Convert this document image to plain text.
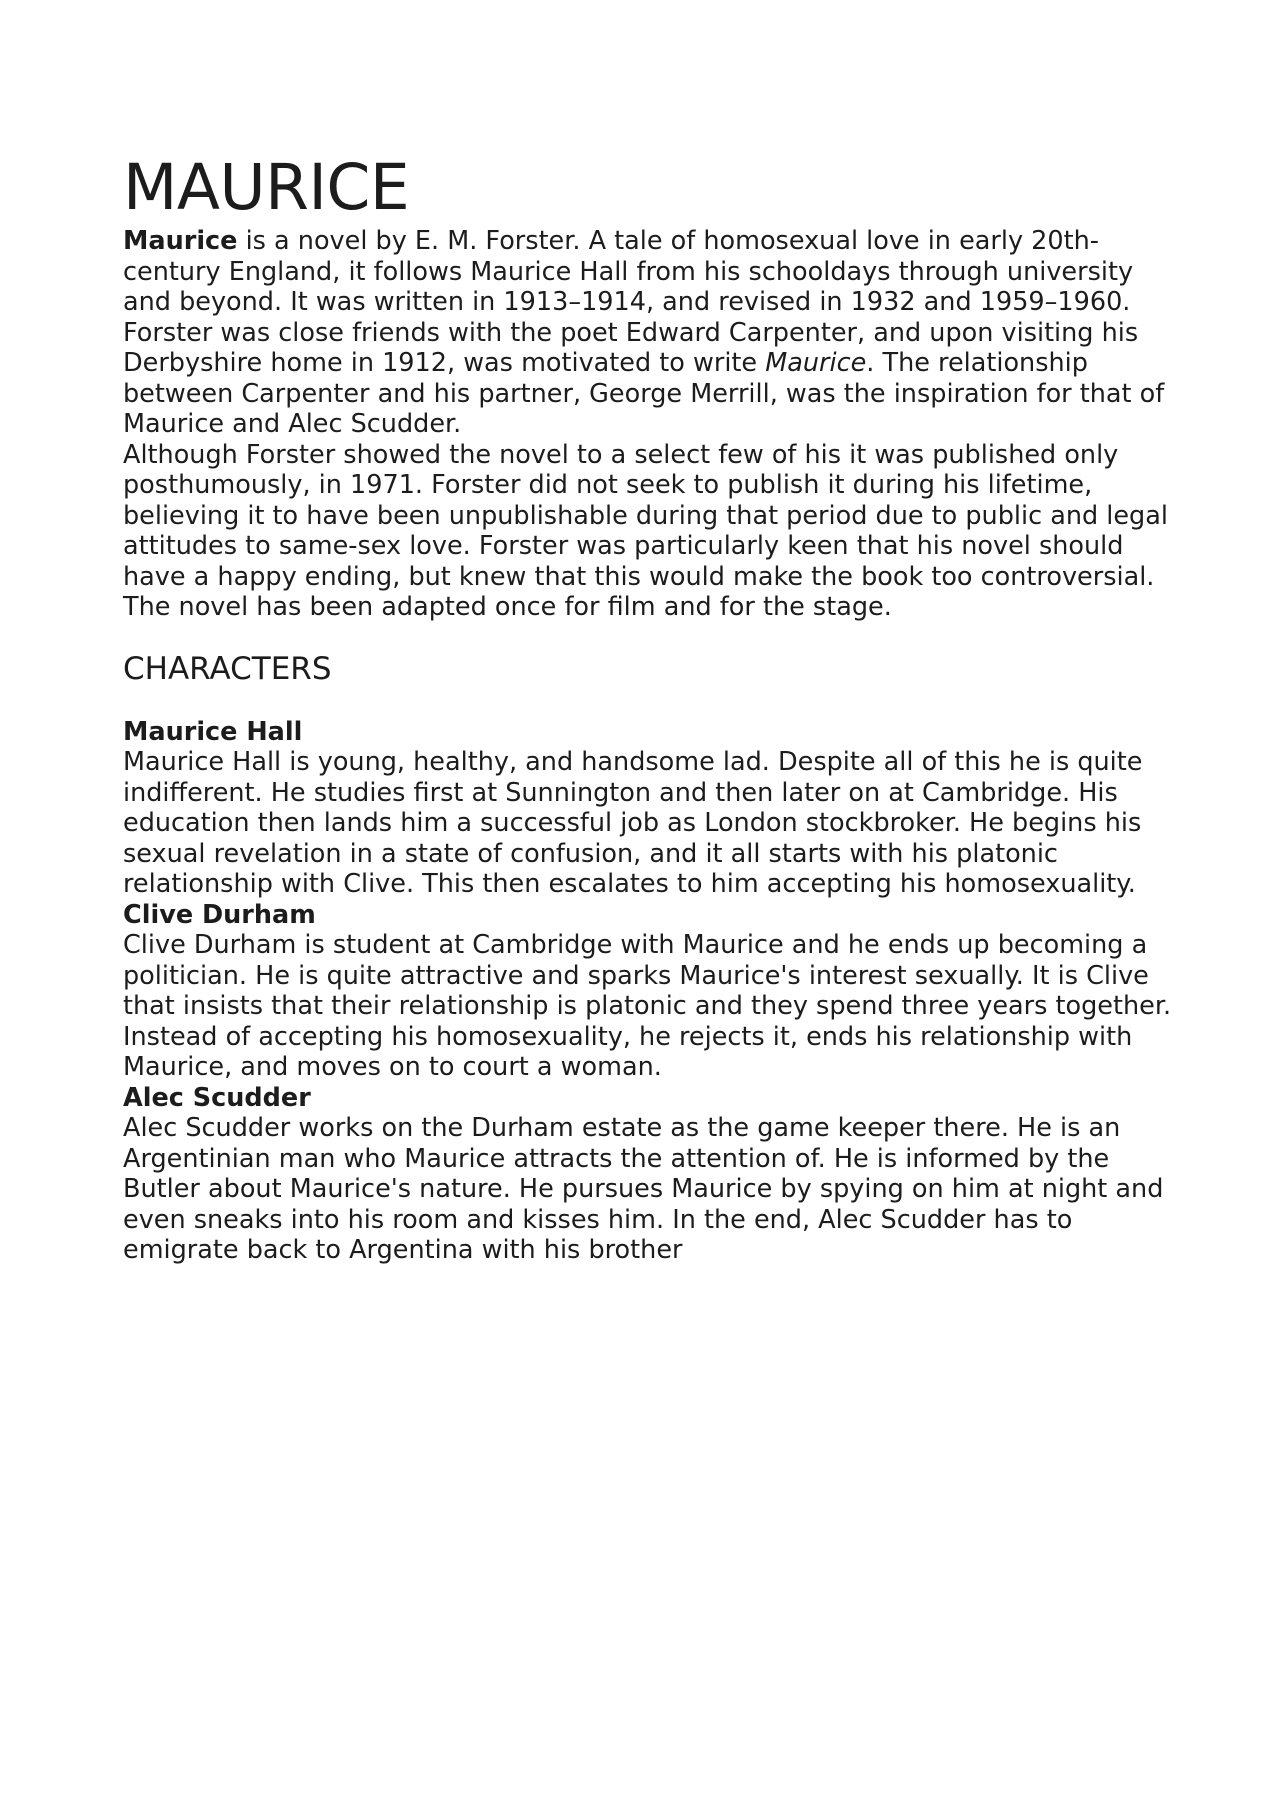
MAURICE

Maurice is a novel by E. M. Forster. A tale of homosexual love in early 20th-century England, it follows Maurice Hall from his schooldays through university and beyond. It was written in 1913–1914, and revised in 1932 and 1959–1960. Forster was close friends with the poet Edward Carpenter, and upon visiting his Derbyshire home in 1912, was motivated to write Maurice. The relationship between Carpenter and his partner, George Merrill, was the inspiration for that of Maurice and Alec Scudder.

Although Forster showed the novel to a select few of his it was published only posthumously, in 1971. Forster did not seek to publish it during his lifetime, believing it to have been unpublishable during that period due to public and legal attitudes to same-sex love. Forster was particularly keen that his novel should have a happy ending, but knew that this would make the book too controversial. The novel has been adapted once for film and for the stage.

CHARACTERS

Maurice Hall

Maurice Hall is young, healthy, and handsome lad. Despite all of this he is quite indifferent. He studies first at Sunnington and then later on at Cambridge. His education then lands him a successful job as London stockbroker. He begins his sexual revelation in a state of confusion, and it all starts with his platonic relationship with Clive. This then escalates to him accepting his homosexuality.

Clive Durham

Clive Durham is student at Cambridge with Maurice and he ends up becoming a politician. He is quite attractive and sparks Maurice's interest sexually. It is Clive that insists that their relationship is platonic and they spend three years together. Instead of accepting his homosexuality, he rejects it, ends his relationship with Maurice, and moves on to court a woman.

Alec Scudder

Alec Scudder works on the Durham estate as the game keeper there. He is an Argentinian man who Maurice attracts the attention of. He is informed by the Butler about Maurice's nature. He pursues Maurice by spying on him at night and even sneaks into his room and kisses him. In the end, Alec Scudder has to emigrate back to Argentina with his brother
